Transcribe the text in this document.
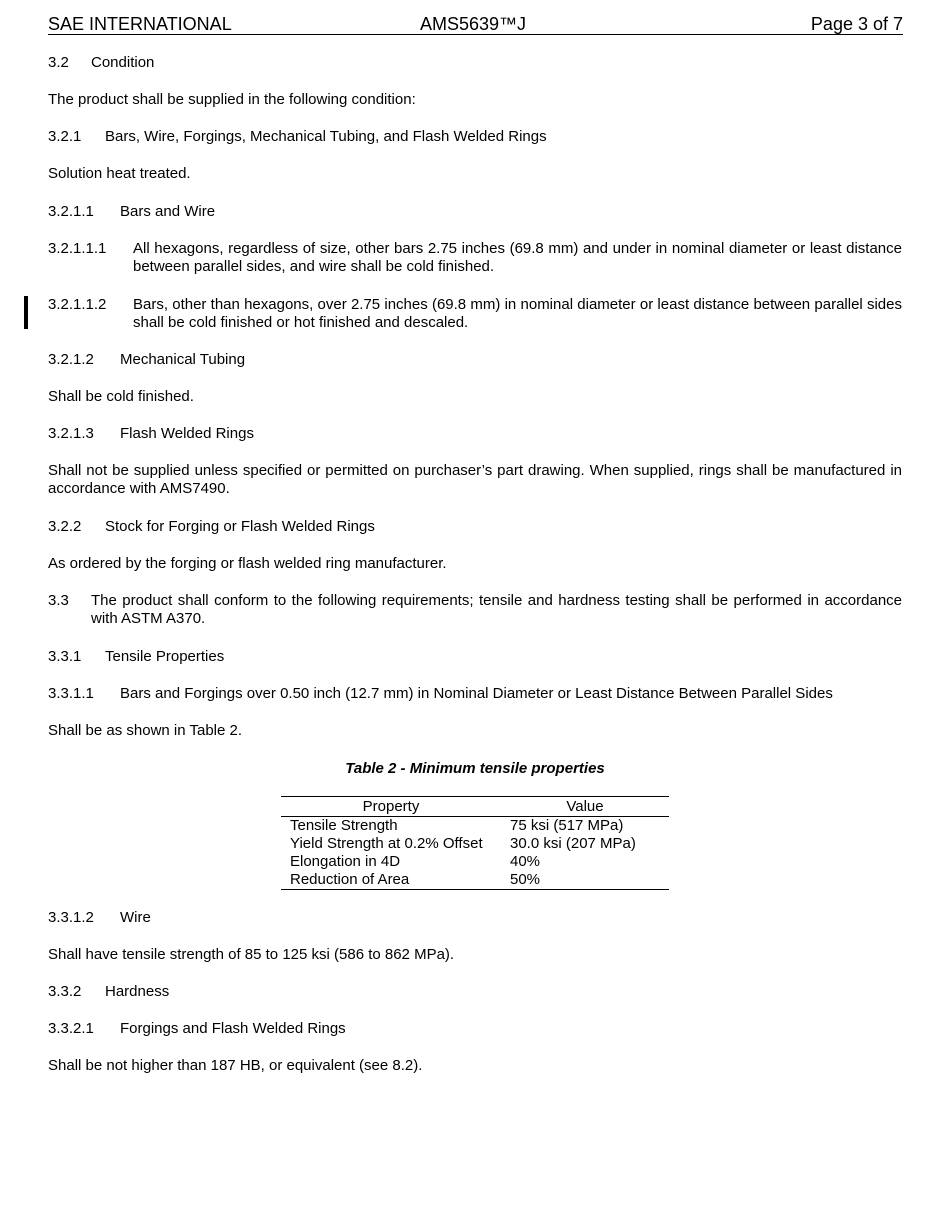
SAE INTERNATIONAL	AMS5639™J	Page 3 of 7

3.2 Condition

The product shall be supplied in the following condition:

3.2.1 Bars, Wire, Forgings, Mechanical Tubing, and Flash Welded Rings

Solution heat treated.

3.2.1.1 Bars and Wire

3.2.1.1.1	All hexagons, regardless of size, other bars 2.75 inches (69.8 mm) and under in nominal diameter or least distance between parallel sides, and wire shall be cold finished.

3.2.1.1.2	Bars, other than hexagons, over 2.75 inches (69.8 mm) in nominal diameter or least distance between parallel sides shall be cold finished or hot finished and descaled.

3.2.1.2 Mechanical Tubing

Shall be cold finished.

3.2.1.3 Flash Welded Rings

Shall not be supplied unless specified or permitted on purchaser’s part drawing. When supplied, rings shall be manufactured in accordance with AMS7490.

3.2.2 Stock for Forging or Flash Welded Rings

As ordered by the forging or flash welded ring manufacturer.

3.3	The product shall conform to the following requirements; tensile and hardness testing shall be performed in accordance with ASTM A370.

3.3.1 Tensile Properties

3.3.1.1 Bars and Forgings over 0.50 inch (12.7 mm) in Nominal Diameter or Least Distance Between Parallel Sides

Shall be as shown in Table 2.

Table 2 - Minimum tensile properties
Property	Value
Tensile Strength	75 ksi (517 MPa)
Yield Strength at 0.2% Offset	30.0 ksi (207 MPa)
Elongation in 4D	40%
Reduction of Area	50%

3.3.1.2 Wire

Shall have tensile strength of 85 to 125 ksi (586 to 862 MPa).

3.3.2 Hardness

3.3.2.1 Forgings and Flash Welded Rings

Shall be not higher than 187 HB, or equivalent (see 8.2).
